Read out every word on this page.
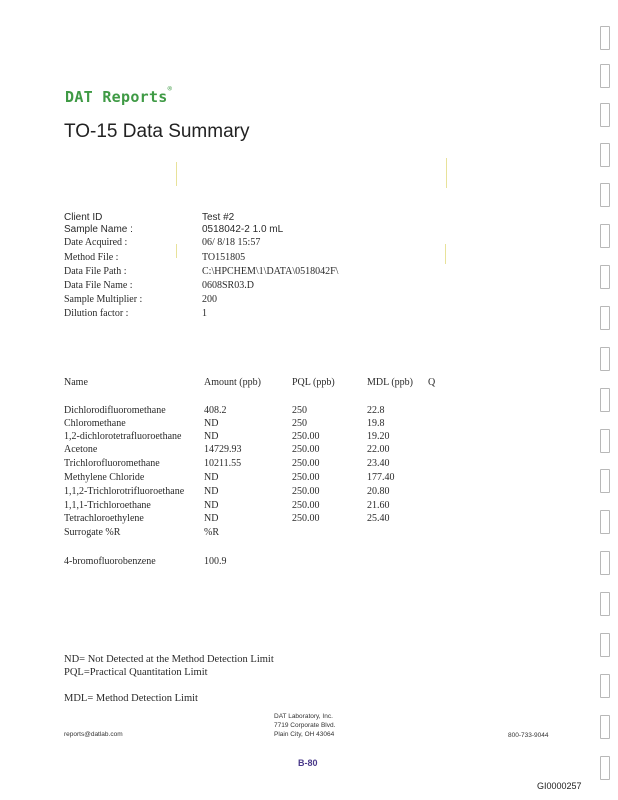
DAT Reports®
TO-15 Data Summary
Client ID	Test #2
Sample Name :	0518042-2 1.0 mL
Date Acquired :	06/ 8/18 15:57
Method File :	TO151805
Data File Path :	C:\HPCHEM\1\DATA\0518042F\
Data File Name :	0608SR03.D
Sample Multiplier :	200
Dilution factor :	1
Name	Amount (ppb)	PQL (ppb)	MDL (ppb) Q
Dichlorodifluoromethane	408.2	250	22.8
Chloromethane	ND	250	19.8
1,2-dichlorotetrafluoroethane ND	250.00	19.20
Acetone	14729.93	250.00	22.00
Trichlorofluoromethane	10211.55	250.00	23.40
Methylene Chloride	ND	250.00	177.40
1,1,2-Trichlorotrifluoroethane ND	250.00	20.80
1,1,1-Trichloroethane	ND	250.00	21.60
Tetrachloroethylene	ND	250.00	25.40
Surrogate %R	%R
4-bromofluorobenzene	100.9
ND= Not Detected at the Method Detection Limit
PQL=Practical Quantitation Limit
MDL= Method Detection Limit
reports@datlab.com
DAT Laboratory, Inc.
7719 Corporate Blvd.
Plain City, OH 43064	800-733-9044
B-80
GI0000257
